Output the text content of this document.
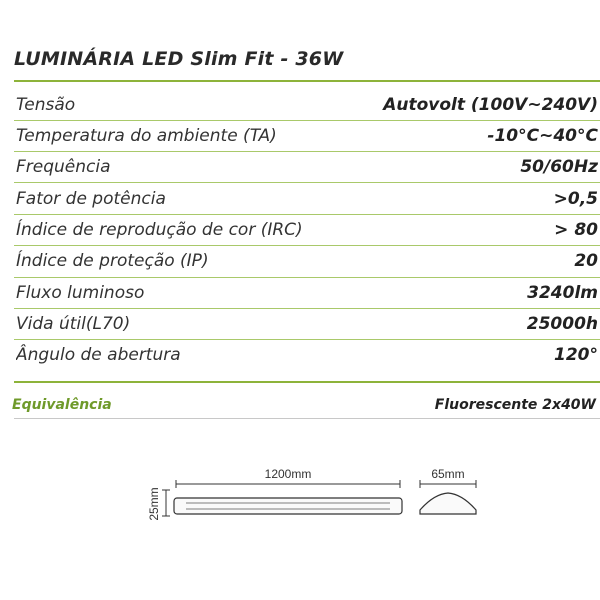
LUMINÁRIA LED Slim Fit - 36W
Tensão	Autovolt (100V~240V)
Temperatura do ambiente (TA)	-10°C~40°C
Frequência	50/60Hz
Fator de potência	>0,5
Índice de reprodução de cor (IRC)	> 80
Índice de proteção (IP)	20
Fluxo luminoso	3240lm
Vida útil(L70)	25000h
Ângulo de abertura	120°
Equivalência	Fluorescente 2x40W
25mm
1200mm	65mm
